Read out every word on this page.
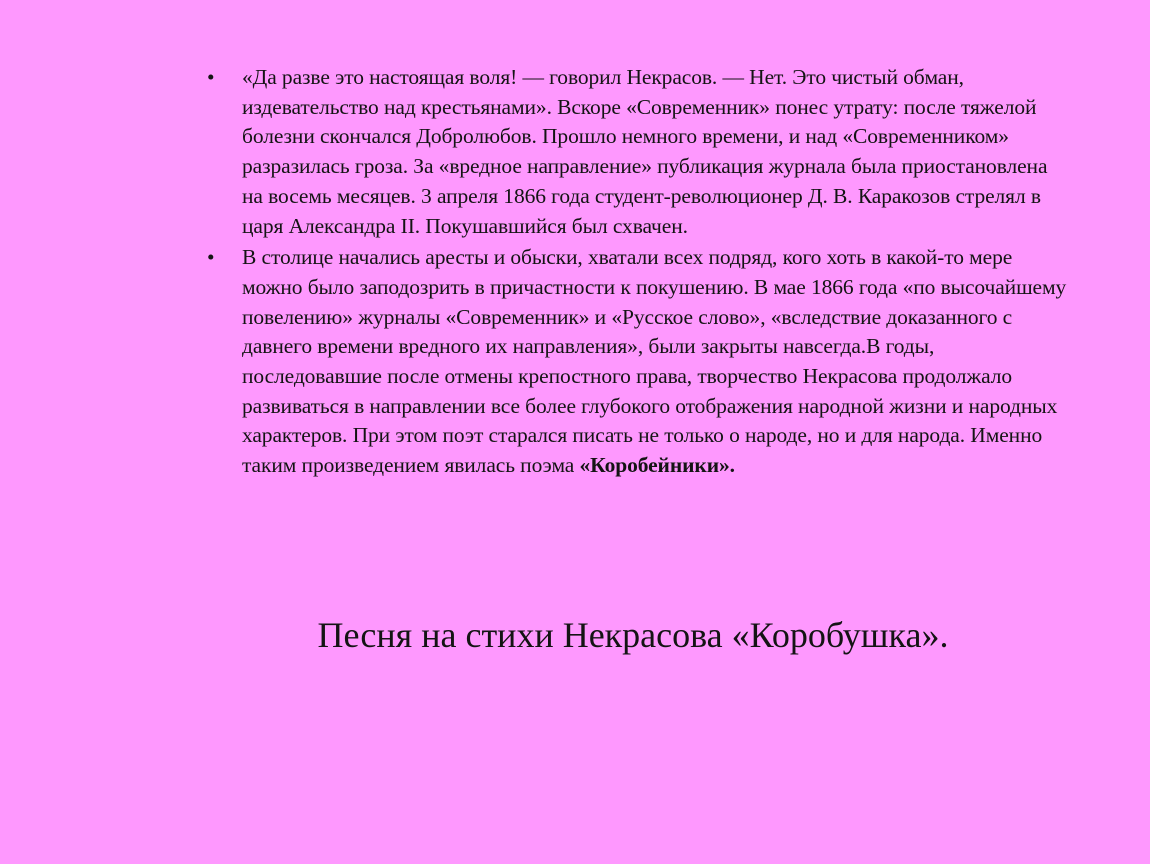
•
«Да разве это настоящая воля! — говорил Некрасов. — Нет. Это чистый обман, издевательство над крестьянами». Вскоре «Современник» понес утрату: после тяжелой болезни скончался Добролюбов. Прошло немного времени, и над «Современником» разразилась гроза. За «вредное направление» публикация журнала была приостановлена на восемь месяцев. 3 апреля 1866 года студент-революционер Д. В. Каракозов стрелял в царя Александра II. Покушавшийся был схвачен.
•
В столице начались аресты и обыски, хватали всех подряд, кого хоть в какой-то мере можно было заподозрить в причастности к покушению. В мае 1866 года «по высочайшему повелению» журналы «Современник» и «Русское слово», «вследствие доказанного с давнего времени вредного их направления», были закрыты навсегда.В годы, последовавшие после отмены крепостного права, творчество Некрасова продолжало развиваться в направлении все более глубокого отображения народной жизни и народных характеров. При этом поэт старался писать не только о народе, но и для народа. Именно таким произведением явилась поэма «Коробейники».
Песня на стихи Некрасова «Коробушка».
